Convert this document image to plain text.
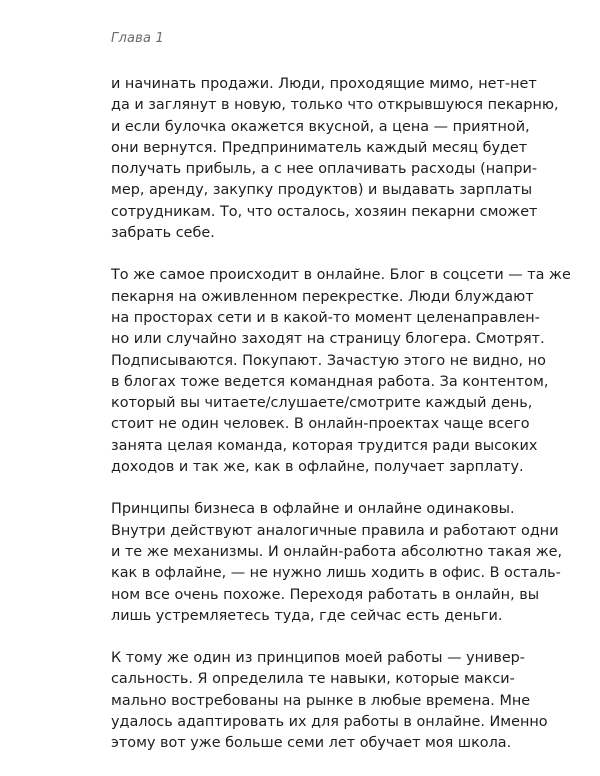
Глава 1

и начинать продажи. Люди, проходящие мимо, нет-нет
да и заглянут в новую, только что открывшуюся пекарню,
и если булочка окажется вкусной, а цена — приятной,
они вернутся. Предприниматель каждый месяц будет
получать прибыль, а с нее оплачивать расходы (напри-
мер, аренду, закупку продуктов) и выдавать зарплаты
сотрудникам. То, что осталось, хозяин пекарни сможет
забрать себе.

То же самое происходит в онлайне. Блог в соцсети — та же
пекарня на оживленном перекрестке. Люди блуждают
на просторах сети и в какой-то момент целенаправлен-
но или случайно заходят на страницу блогера. Смотрят.
Подписываются. Покупают. Зачастую этого не видно, но
в блогах тоже ведется командная работа. За контентом,
который вы читаете/слушаете/смотрите каждый день,
стоит не один человек. В онлайн-проектах чаще всего
занята целая команда, которая трудится ради высоких
доходов и так же, как в офлайне, получает зарплату.

Принципы бизнеса в офлайне и онлайне одинаковы.
Внутри действуют аналогичные правила и работают одни
и те же механизмы. И онлайн-работа абсолютно такая же,
как в офлайне, — не нужно лишь ходить в офис. В осталь-
ном все очень похоже. Переходя работать в онлайн, вы
лишь устремляетесь туда, где сейчас есть деньги.

К тому же один из принципов моей работы — универ-
сальность. Я определила те навыки, которые макси-
мально востребованы на рынке в любые времена. Мне
удалось адаптировать их для работы в онлайне. Именно
этому вот уже больше семи лет обучает моя школа.
